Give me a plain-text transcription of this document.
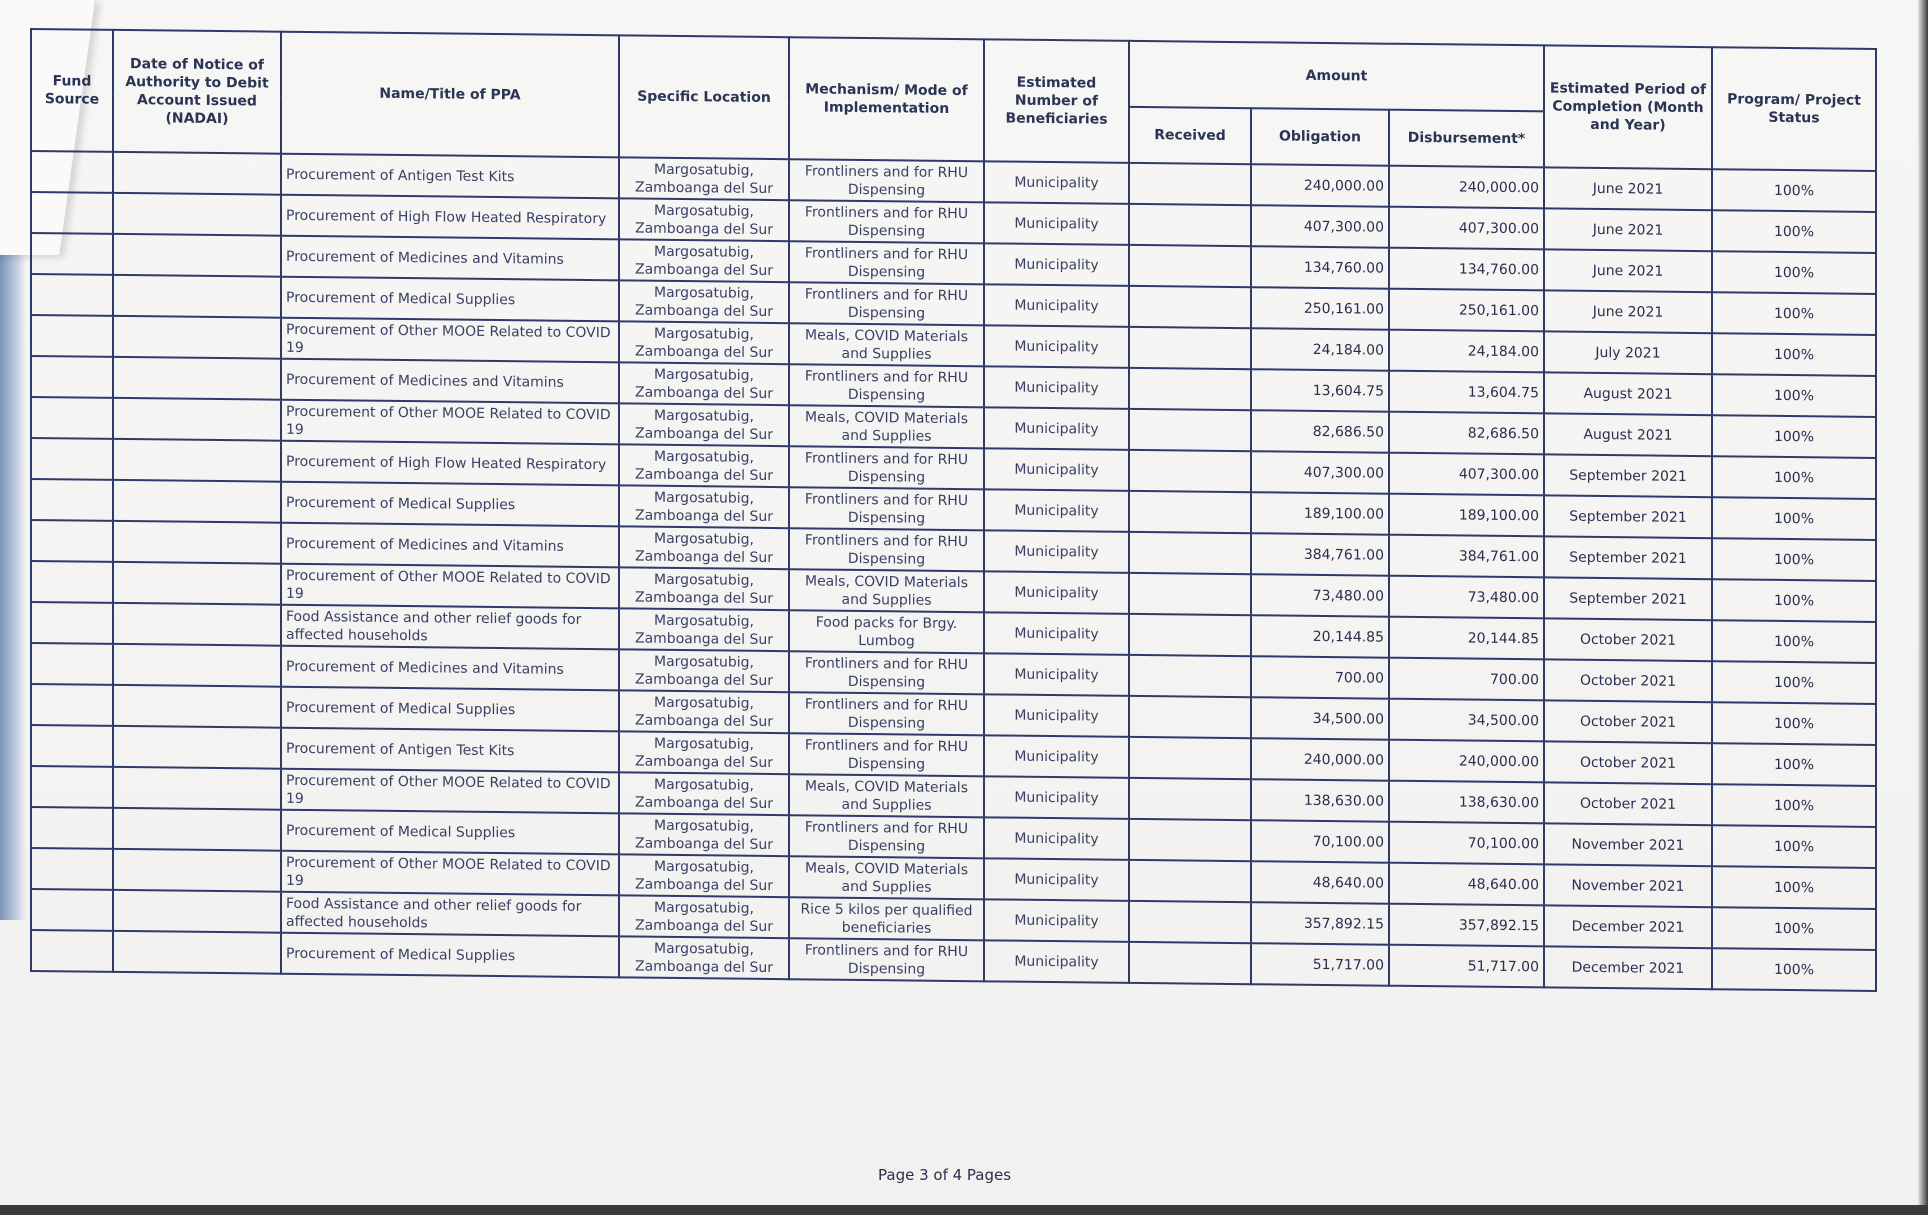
Fund Source	Date of Notice of Authority to Debit Account Issued (NADAI)	Name/Title of PPA	Specific Location	Mechanism/ Mode of Implementation	Estimated Number of Beneficiaries	Amount			Estimated Period of Completion (Month and Year)	Program/ Project Status
						Received	Obligation	Disbursement*		
		Procurement of Antigen Test Kits	Margosatubig, Zamboanga del Sur	Frontliners and for RHU Dispensing	Municipality		240,000.00	240,000.00	June 2021	100%
		Procurement of High Flow Heated Respiratory	Margosatubig, Zamboanga del Sur	Frontliners and for RHU Dispensing	Municipality		407,300.00	407,300.00	June 2021	100%
		Procurement of Medicines and Vitamins	Margosatubig, Zamboanga del Sur	Frontliners and for RHU Dispensing	Municipality		134,760.00	134,760.00	June 2021	100%
		Procurement of Medical Supplies	Margosatubig, Zamboanga del Sur	Frontliners and for RHU Dispensing	Municipality		250,161.00	250,161.00	June 2021	100%
		Procurement of Other MOOE Related to COVID 19	Margosatubig, Zamboanga del Sur	Meals, COVID Materials and Supplies	Municipality		24,184.00	24,184.00	July 2021	100%
		Procurement of Medicines and Vitamins	Margosatubig, Zamboanga del Sur	Frontliners and for RHU Dispensing	Municipality		13,604.75	13,604.75	August 2021	100%
		Procurement of Other MOOE Related to COVID 19	Margosatubig, Zamboanga del Sur	Meals, COVID Materials and Supplies	Municipality		82,686.50	82,686.50	August 2021	100%
		Procurement of High Flow Heated Respiratory	Margosatubig, Zamboanga del Sur	Frontliners and for RHU Dispensing	Municipality		407,300.00	407,300.00	September 2021	100%
		Procurement of Medical Supplies	Margosatubig, Zamboanga del Sur	Frontliners and for RHU Dispensing	Municipality		189,100.00	189,100.00	September 2021	100%
		Procurement of Medicines and Vitamins	Margosatubig, Zamboanga del Sur	Frontliners and for RHU Dispensing	Municipality		384,761.00	384,761.00	September 2021	100%
		Procurement of Other MOOE Related to COVID 19	Margosatubig, Zamboanga del Sur	Meals, COVID Materials and Supplies	Municipality		73,480.00	73,480.00	September 2021	100%
		Food Assistance and other relief goods for affected households	Margosatubig, Zamboanga del Sur	Food packs for Brgy. Lumbog	Municipality		20,144.85	20,144.85	October 2021	100%
		Procurement of Medicines and Vitamins	Margosatubig, Zamboanga del Sur	Frontliners and for RHU Dispensing	Municipality		700.00	700.00	October 2021	100%
		Procurement of Medical Supplies	Margosatubig, Zamboanga del Sur	Frontliners and for RHU Dispensing	Municipality		34,500.00	34,500.00	October 2021	100%
		Procurement of Antigen Test Kits	Margosatubig, Zamboanga del Sur	Frontliners and for RHU Dispensing	Municipality		240,000.00	240,000.00	October 2021	100%
		Procurement of Other MOOE Related to COVID 19	Margosatubig, Zamboanga del Sur	Meals, COVID Materials and Supplies	Municipality		138,630.00	138,630.00	October 2021	100%
		Procurement of Medical Supplies	Margosatubig, Zamboanga del Sur	Frontliners and for RHU Dispensing	Municipality		70,100.00	70,100.00	November 2021	100%
		Procurement of Other MOOE Related to COVID 19	Margosatubig, Zamboanga del Sur	Meals, COVID Materials and Supplies	Municipality		48,640.00	48,640.00	November 2021	100%
		Food Assistance and other relief goods for affected households	Margosatubig, Zamboanga del Sur	Rice 5 kilos per qualified beneficiaries	Municipality		357,892.15	357,892.15	December 2021	100%
		Procurement of Medical Supplies	Margosatubig, Zamboanga del Sur	Frontliners and for RHU Dispensing	Municipality		51,717.00	51,717.00	December 2021	100%
Page 3 of 4 Pages
